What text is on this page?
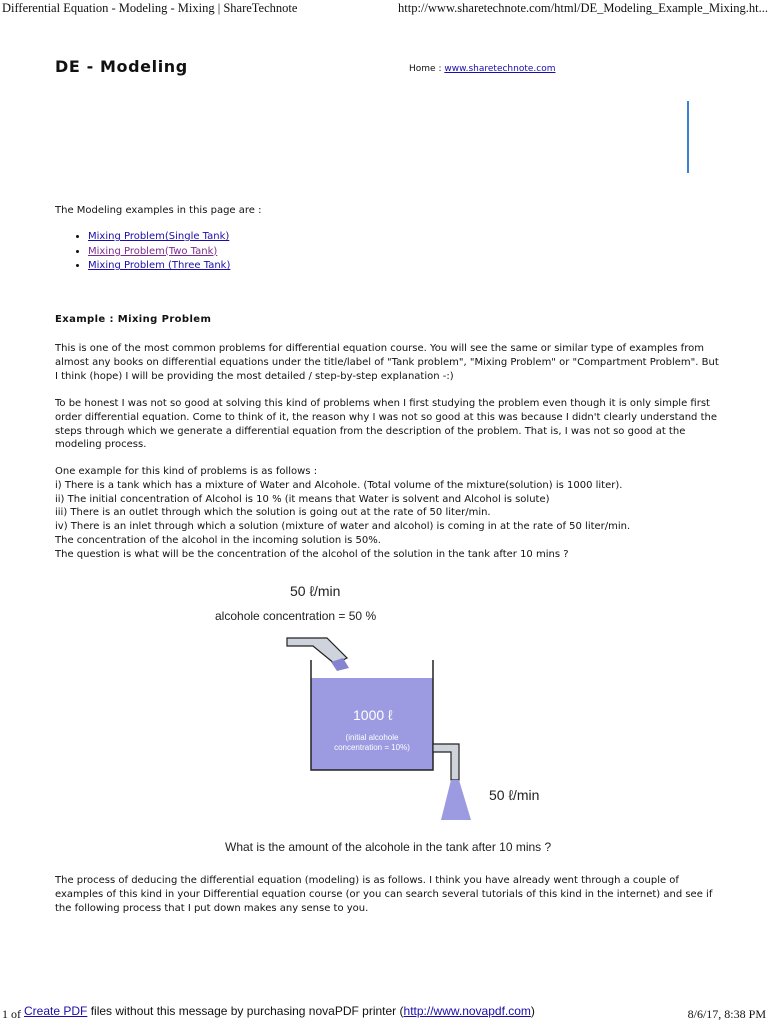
Differential Equation - Modeling - Mixing | ShareTechnote	http://www.sharetechnote.com/html/DE_Modeling_Example_Mixing.ht...
DE - Modeling	Home : www.sharetechnote.com

The Modeling examples in this page are :

• Mixing Problem(Single Tank)
• Mixing Problem(Two Tank)
• Mixing Problem (Three Tank)
Example : Mixing Problem

This is one of the most common problems for differential equation course. You will see the same or similar type of examples from almost any books on differential equations under the title/label of "Tank problem", "Mixing Problem" or "Compartment Problem". But I think (hope) I will be providing the most detailed / step-by-step explanation -:)

To be honest I was not so good at solving this kind of problems when I first studying the problem even though it is only simple first order differential equation. Come to think of it, the reason why I was not so good at this was because I didn't clearly understand the steps through which we generate a differential equation from the description of the problem. That is, I was not so good at the modeling process.

One example for this kind of problems is as follows :
i) There is a tank which has a mixture of Water and Alcohole. (Total volume of the mixture(solution) is 1000 liter).
ii) The initial concentration of Alcohol is 10 % (it means that Water is solvent and Alcohol is solute)
iii) There is an outlet through which the solution is going out at the rate of 50 liter/min.
iv) There is an inlet through which a solution (mixture of water and alcohol) is coming in at the rate of 50 liter/min.
The concentration of the alcohol in the incoming solution is 50%.
The question is what will be the concentration of the alcohol of the solution in the tank after 10 mins ?
50 ℓ/min
alcohole concentration = 50 %
1000 ℓ
(initial alcohole
concentration = 10%)
50 ℓ/min
What is the amount of the alcohole in the tank after 10 mins ?

The process of deducing the differential equation (modeling) is as follows. I think you have already went through a couple of examples of this kind in your Differential equation course (or you can search several tutorials of this kind in the internet) and see if the following process that I put down makes any sense to you.

1 of Create PDF files without this message by purchasing novaPDF printer (http://www.novapdf.com)	8/6/17, 8:38 PM
